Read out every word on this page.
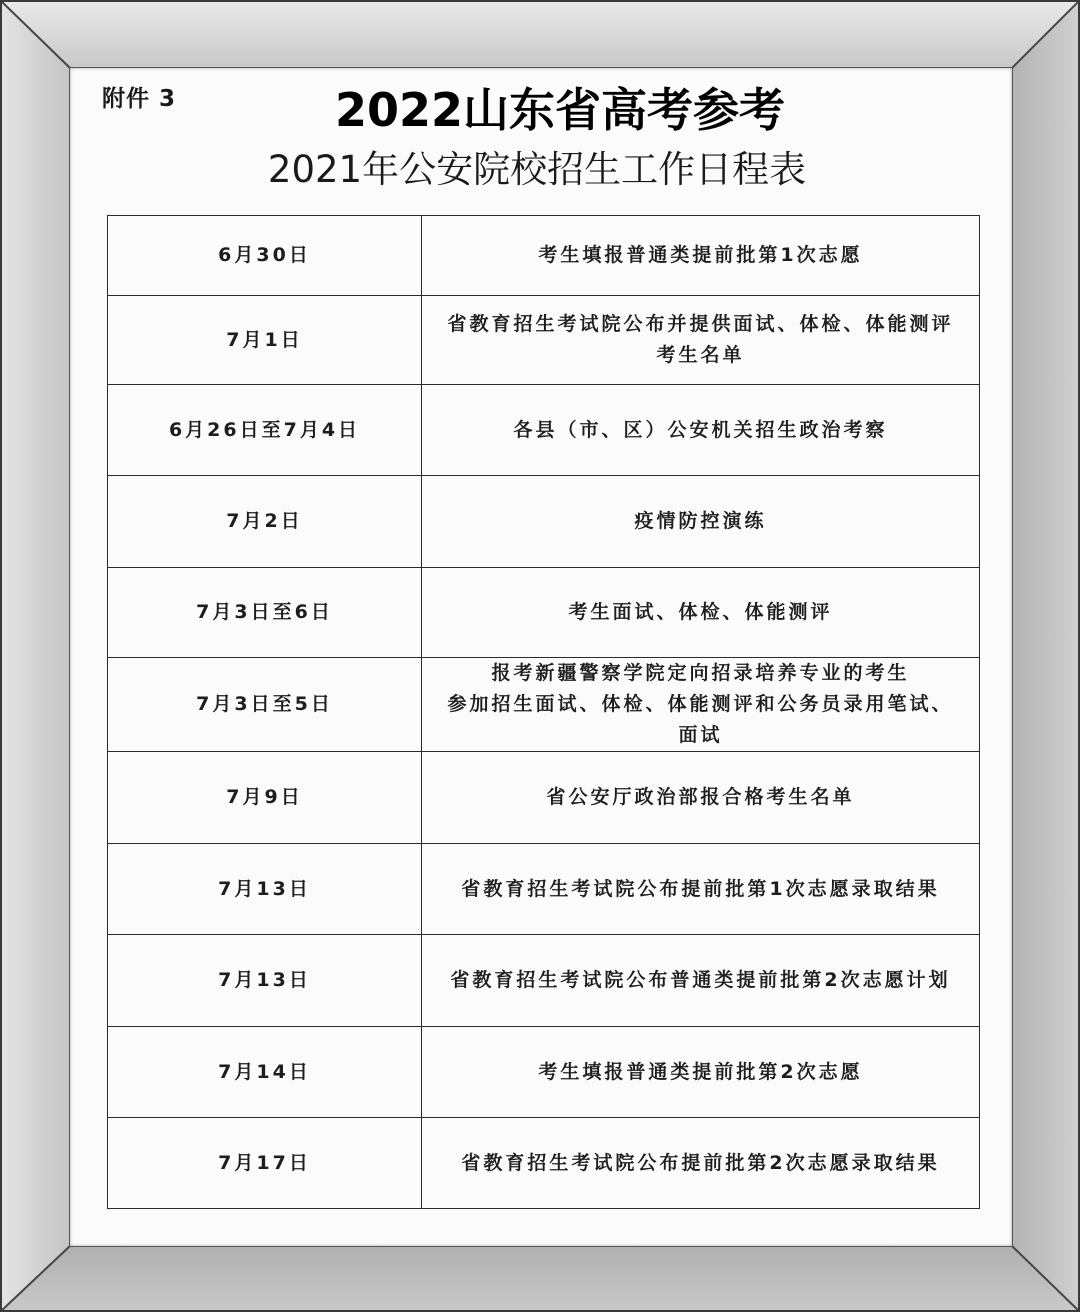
附件 3	2022山东省高考参考
2021年公安院校招生工作日程表
6月30日	考生填报普通类提前批第1次志愿

7月1日	省教育招生考试院公布并提供面试、体检、体能测评
考生名单

6月26日至7月4日	各县（市、区）公安机关招生政治考察

7月2日	疫情防控演练

7月3日至6日	考生面试、体检、体能测评

7月3日至5日	报考新疆警察学院定向招录培养专业的考生
参加招生面试、体检、体能测评和公务员录用笔试、
面试

7月9日	省公安厅政治部报合格考生名单

7月13日	省教育招生考试院公布提前批第1次志愿录取结果

7月13日	省教育招生考试院公布普通类提前批第2次志愿计划

7月14日	考生填报普通类提前批第2次志愿

7月17日	省教育招生考试院公布提前批第2次志愿录取结果
